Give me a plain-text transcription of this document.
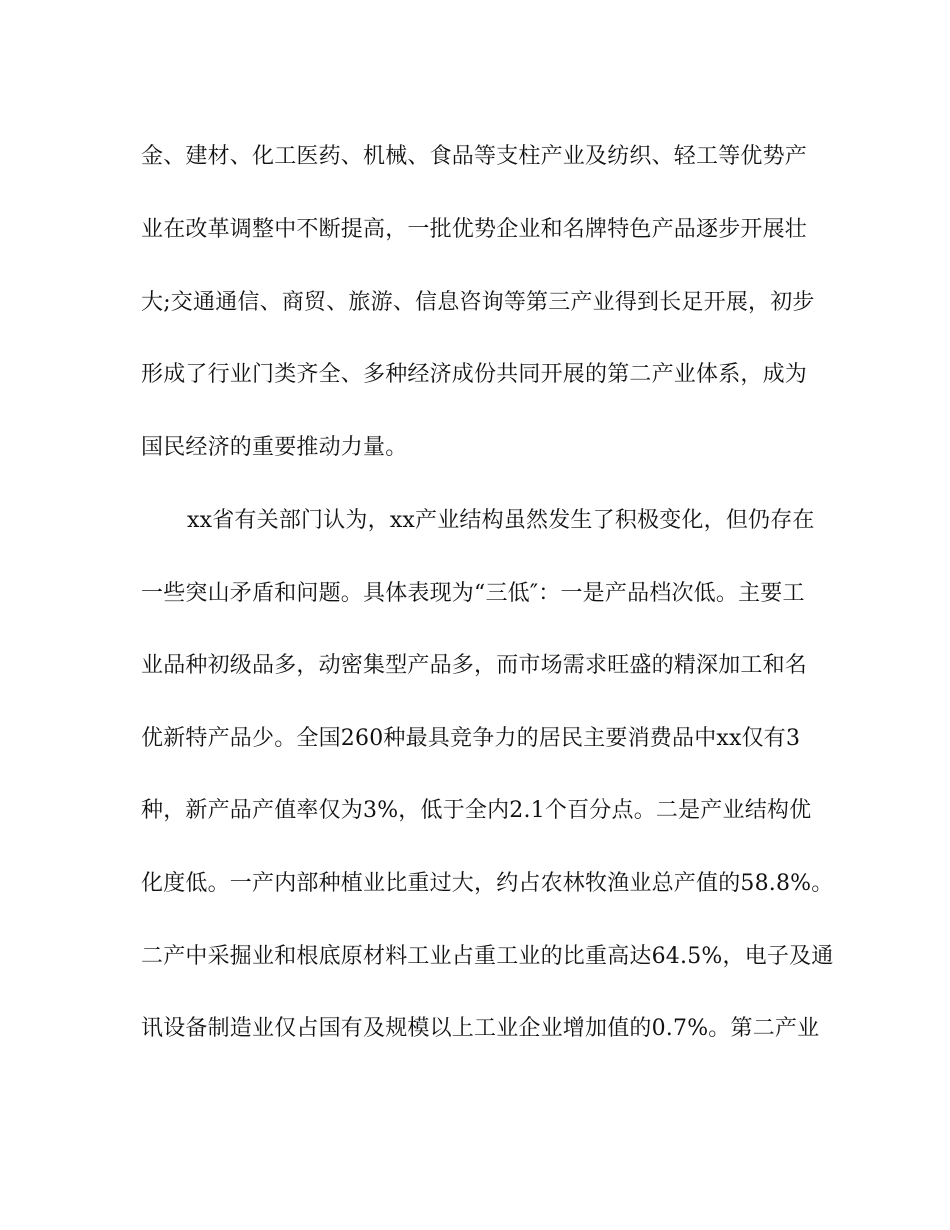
金、建材、化工医药、机械、食品等支柱产业及纺织、轻工等优势产
业在改革调整中不断提高，一批优势企业和名牌特色产品逐步开展壮
大;交通通信、商贸、旅游、信息咨询等第三产业得到长足开展，初步
形成了行业门类齐全、多种经济成份共同开展的第二产业体系，成为
国民经济的重要推动力量。
xx省有关部门认为，xx产业结构虽然发生了积极变化，但仍存在
一些突山矛盾和问题。具体表现为“三低″：一是产品档次低。主要工
业品种初级品多，动密集型产品多，而市场需求旺盛的精深加工和名
优新特产品少。全国260种最具竞争力的居民主要消费品中xx仅有3
种，新产品产值率仅为3%，低于全内2.1个百分点。二是产业结构优
化度低。一产内部种植业比重过大，约占农林牧渔业总产值的58.8%。
二产中采掘业和根底原材料工业占重工业的比重高达64.5%，电子及通
讯设备制造业仅占国有及规模以上工业企业增加值的0.7%。第二产业
